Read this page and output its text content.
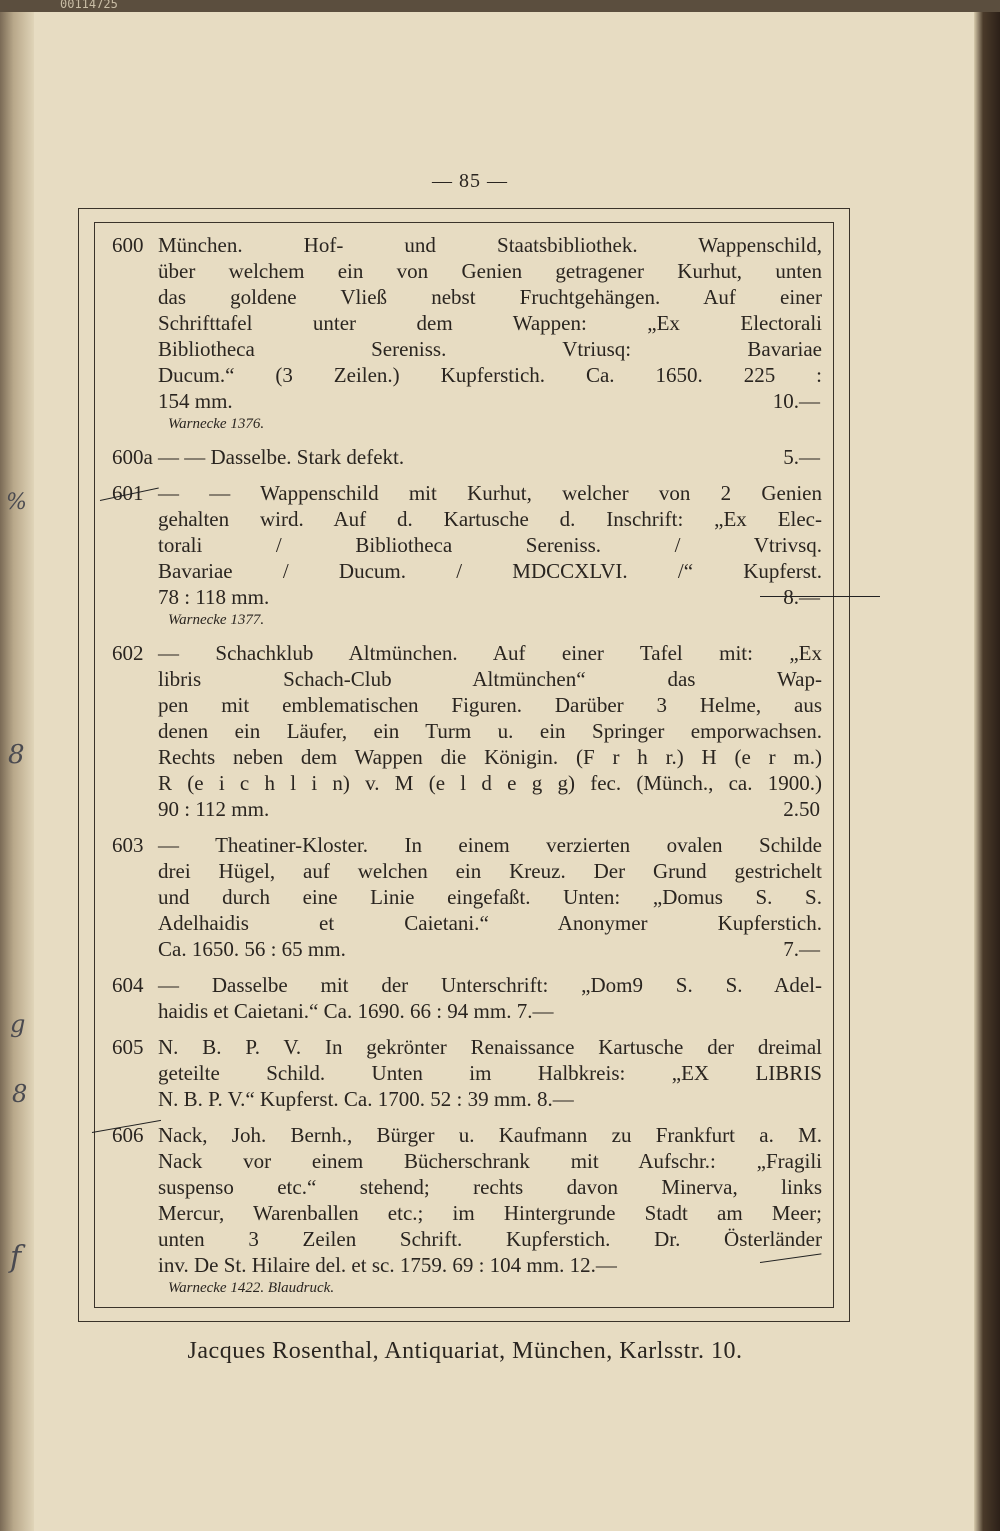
00114725
— 85 —
600 München. Hof- und Staatsbibliothek. Wappenschild,
über welchem ein von Genien getragener Kurhut, unten
das goldene Vließ nebst Fruchtgehängen. Auf einer
Schrifttafel unter dem Wappen: „Ex Electorali
Bibliotheca Sereniss. Vtriusq: Bavariae
Ducum.“ (3 Zeilen.) Kupferstich. Ca. 1650. 225 :
154 mm.	10.—
Warnecke 1376.
600a — — Dasselbe. Stark defekt.	5.—
601 — — Wappenschild mit Kurhut, welcher von 2 Genien
gehalten wird. Auf d. Kartusche d. Inschrift: „Ex Elec-
torali / Bibliotheca Sereniss. / Vtrivsq.
Bavariae / Ducum. / MDCCXLVI. /“ Kupferst.
78 : 118 mm.	8.—
Warnecke 1377.
602 — Schachklub Altmünchen. Auf einer Tafel mit: „Ex
libris Schach-Club Altmünchen“ das Wap-
pen mit emblematischen Figuren. Darüber 3 Helme, aus
denen ein Läufer, ein Turm u. ein Springer emporwachsen.
Rechts neben dem Wappen die Königin. (F r h r.) H (e r m.)
R (e i c h l i n) v. M (e l d e g g) fec. (Münch., ca. 1900.)
90 : 112 mm.	2.50
603 — Theatiner-Kloster. In einem verzierten ovalen Schilde
drei Hügel, auf welchen ein Kreuz. Der Grund gestrichelt
und durch eine Linie eingefaßt. Unten: „Domus S. S.
Adelhaidis et Caietani.“ Anonymer Kupferstich.
Ca. 1650. 56 : 65 mm.	7.—
604 — Dasselbe mit der Unterschrift: „Dom9 S. S. Adel-
haidis et Caietani.“ Ca. 1690. 66 : 94 mm. 7.—
605 N. B. P. V. In gekrönter Renaissance Kartusche der dreimal
geteilte Schild. Unten im Halbkreis: „EX LIBRIS
N. B. P. V.“ Kupferst. Ca. 1700. 52 : 39 mm. 8.—
606 Nack, Joh. Bernh., Bürger u. Kaufmann zu Frankfurt a. M.
Nack vor einem Bücherschrank mit Aufschr.: „Fragili
suspenso etc.“ stehend; rechts davon Minerva, links
Mercur, Warenballen etc.; im Hintergrunde Stadt am Meer;
unten 3 Zeilen Schrift. Kupferstich. Dr. Österländer
inv. De St. Hilaire del. et sc. 1759. 69 : 104 mm. 12.—
Warnecke 1422. Blaudruck.
%
8
g
8
f
Jacques Rosenthal, Antiquariat, München, Karlsstr. 10.
